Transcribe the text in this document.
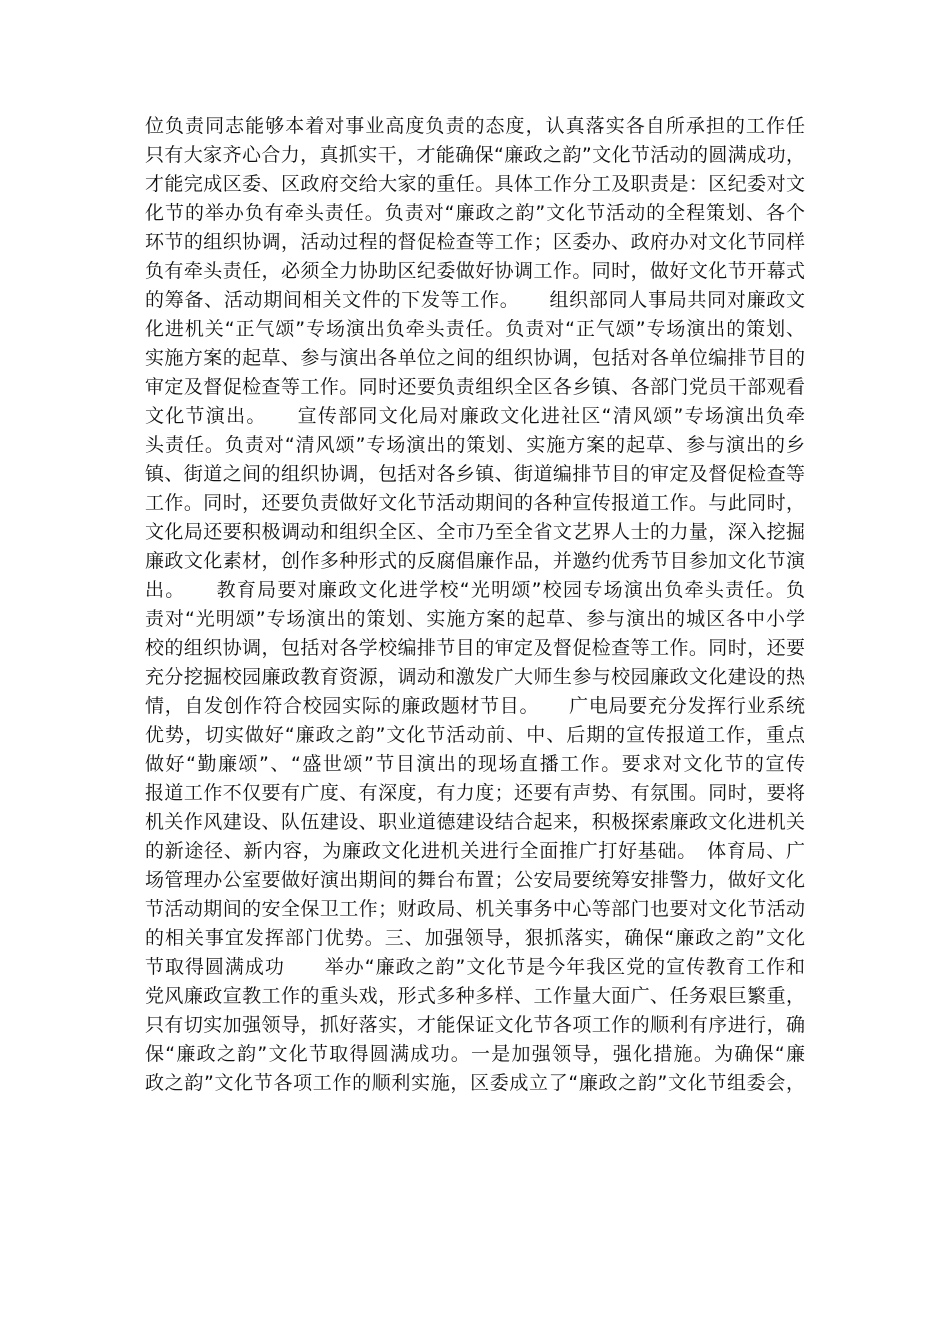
位负责同志能够本着对事业高度负责的态度，认真落实各自所承担的工作任
只有大家齐心合力，真抓实干，才能确保“廉政之韵”文化节活动的圆满成功，
才能完成区委、区政府交给大家的重任。具体工作分工及职责是：区纪委对文
化节的举办负有牵头责任。负责对“廉政之韵”文化节活动的全程策划、各个
环节的组织协调，活动过程的督促检查等工作；区委办、政府办对文化节同样
负有牵头责任，必须全力协助区纪委做好协调工作。同时，做好文化节开幕式
的筹备、活动期间相关文件的下发等工作。　　组织部同人事局共同对廉政文
化进机关“正气颂”专场演出负牵头责任。负责对“正气颂”专场演出的策划、
实施方案的起草、参与演出各单位之间的组织协调，包括对各单位编排节目的
审定及督促检查等工作。同时还要负责组织全区各乡镇、各部门党员干部观看
文化节演出。　　宣传部同文化局对廉政文化进社区“清风颂”专场演出负牵
头责任。负责对“清风颂”专场演出的策划、实施方案的起草、参与演出的乡
镇、街道之间的组织协调，包括对各乡镇、街道编排节目的审定及督促检查等
工作。同时，还要负责做好文化节活动期间的各种宣传报道工作。与此同时，
文化局还要积极调动和组织全区、全市乃至全省文艺界人士的力量，深入挖掘
廉政文化素材，创作多种形式的反腐倡廉作品，并邀约优秀节目参加文化节演
出。　　教育局要对廉政文化进学校“光明颂”校园专场演出负牵头责任。负
责对“光明颂”专场演出的策划、实施方案的起草、参与演出的城区各中小学
校的组织协调，包括对各学校编排节目的审定及督促检查等工作。同时，还要
充分挖掘校园廉政教育资源，调动和激发广大师生参与校园廉政文化建设的热
情，自发创作符合校园实际的廉政题材节目。　　广电局要充分发挥行业系统
优势，切实做好“廉政之韵”文化节活动前、中、后期的宣传报道工作，重点
做好“勤廉颂”、“盛世颂”节目演出的现场直播工作。要求对文化节的宣传
报道工作不仅要有广度、有深度，有力度；还要有声势、有氛围。同时，要将
机关作风建设、队伍建设、职业道德建设结合起来，积极探索廉政文化进机关
的新途径、新内容，为廉政文化进机关进行全面推广打好基础。　体育局、广
场管理办公室要做好演出期间的舞台布置；公安局要统筹安排警力，做好文化
节活动期间的安全保卫工作；财政局、机关事务中心等部门也要对文化节活动
的相关事宜发挥部门优势。三、加强领导，狠抓落实，确保“廉政之韵”文化
节取得圆满成功　　举办“廉政之韵”文化节是今年我区党的宣传教育工作和
党风廉政宣教工作的重头戏，形式多种多样、工作量大面广、任务艰巨繁重，
只有切实加强领导，抓好落实，才能保证文化节各项工作的顺利有序进行，确
保“廉政之韵”文化节取得圆满成功。一是加强领导，强化措施。为确保“廉
政之韵”文化节各项工作的顺利实施，区委成立了“廉政之韵”文化节组委会，
